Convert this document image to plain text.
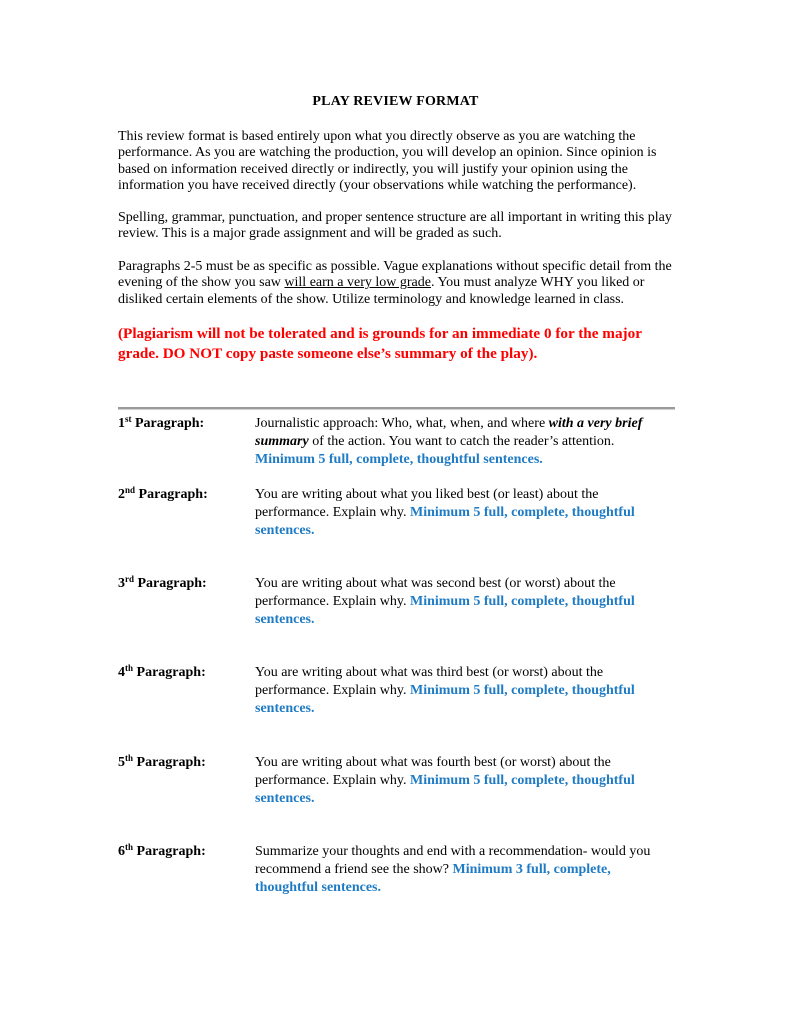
PLAY REVIEW FORMAT
This review format is based entirely upon what you directly observe as you are watching the performance. As you are watching the production, you will develop an opinion. Since opinion is based on information received directly or indirectly, you will justify your opinion using the information you have received directly (your observations while watching the performance).
Spelling, grammar, punctuation, and proper sentence structure are all important in writing this play review. This is a major grade assignment and will be graded as such.
Paragraphs 2-5 must be as specific as possible. Vague explanations without specific detail from the evening of the show you saw will earn a very low grade. You must analyze WHY you liked or disliked certain elements of the show. Utilize terminology and knowledge learned in class.
(Plagiarism will not be tolerated and is grounds for an immediate 0 for the major grade. DO NOT copy paste someone else’s summary of the play).
1st Paragraph:	Journalistic approach: Who, what, when, and where with a very brief summary of the action. You want to catch the reader’s attention. Minimum 5 full, complete, thoughtful sentences.
2nd Paragraph:	You are writing about what you liked best (or least) about the performance. Explain why. Minimum 5 full, complete, thoughtful sentences.
3rd Paragraph:	You are writing about what was second best (or worst) about the performance. Explain why. Minimum 5 full, complete, thoughtful sentences.
4th Paragraph:	You are writing about what was third best (or worst) about the performance. Explain why. Minimum 5 full, complete, thoughtful sentences.
5th Paragraph:	You are writing about what was fourth best (or worst) about the performance. Explain why. Minimum 5 full, complete, thoughtful sentences.
6th Paragraph:	Summarize your thoughts and end with a recommendation- would you recommend a friend see the show? Minimum 3 full, complete, thoughtful sentences.
